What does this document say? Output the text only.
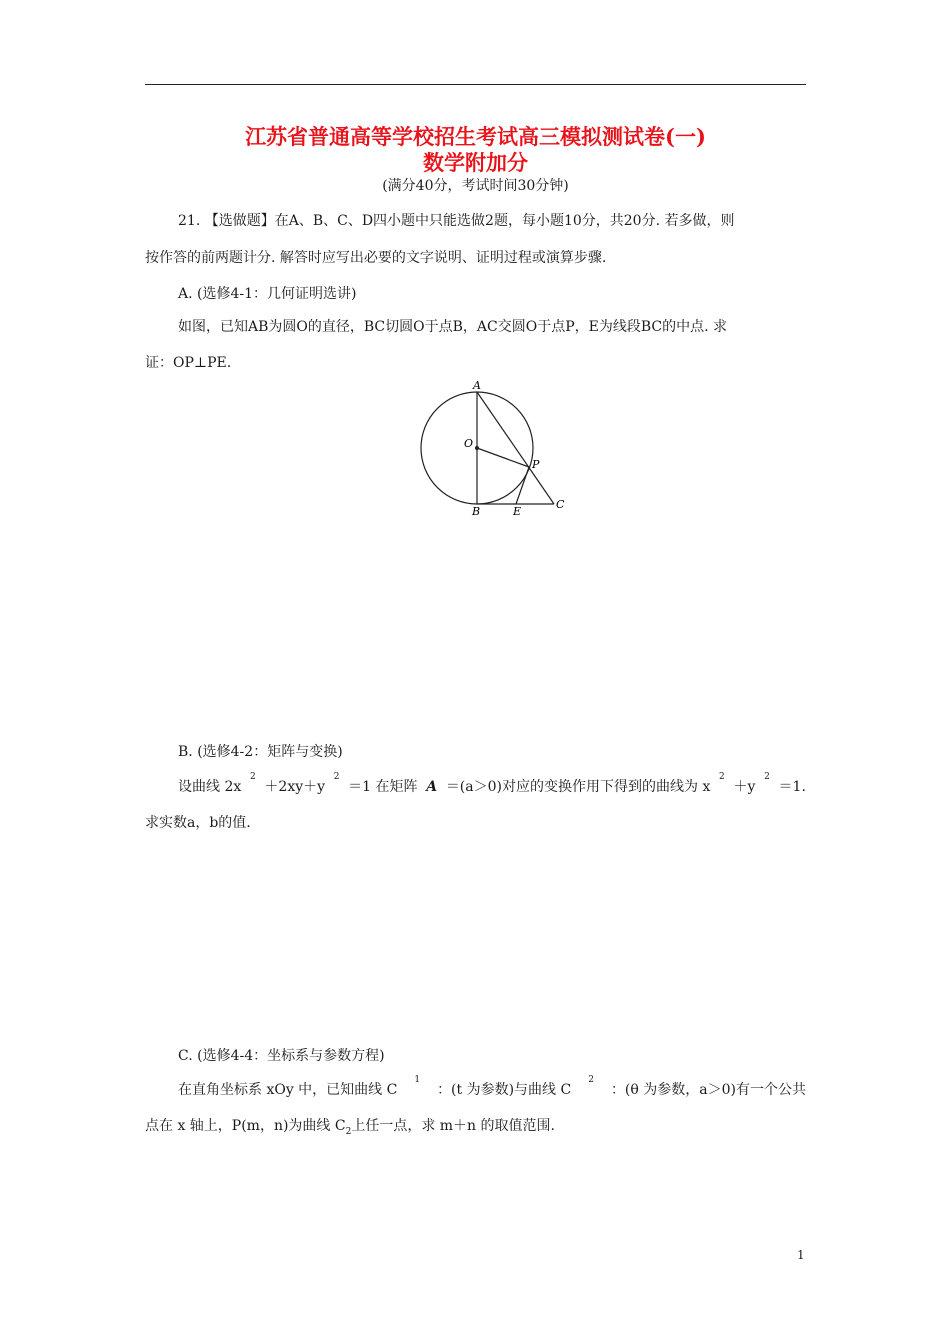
江苏省普通高等学校招生考试高三模拟测试卷(一)
数学附加分
(满分40分，考试时间30分钟)
21. 【选做题】在A、B、C、D四小题中只能选做2题，每小题10分，共20分. 若多做，则
按作答的前两题计分. 解答时应写出必要的文字说明、证明过程或演算步骤.
A. (选修4-1：几何证明选讲)
如图，已知AB为圆O的直径，BC切圆O于点B，AC交圆O于点P，E为线段BC的中点. 求
证：OP⊥PE.
A
O
P
B	E
C
B. (选修4-2：矩阵与变换)
设曲线 2x
2
＋2xy＋y
2
＝1 在矩阵 A ＝(a＞0)对应的变换作用下得到的曲线为 x
2
＋y
2
＝1.
求实数a，b的值.
C. (选修4-4：坐标系与参数方程)
在直角坐标系 xOy 中，已知曲线 C
1
：(t 为参数)与曲线 C
2
：(θ 为参数，a＞0)有一个公共
点在 x 轴上，P(m，n)为曲线 $C_2$上任一点，求 m＋n 的取值范围.
1
